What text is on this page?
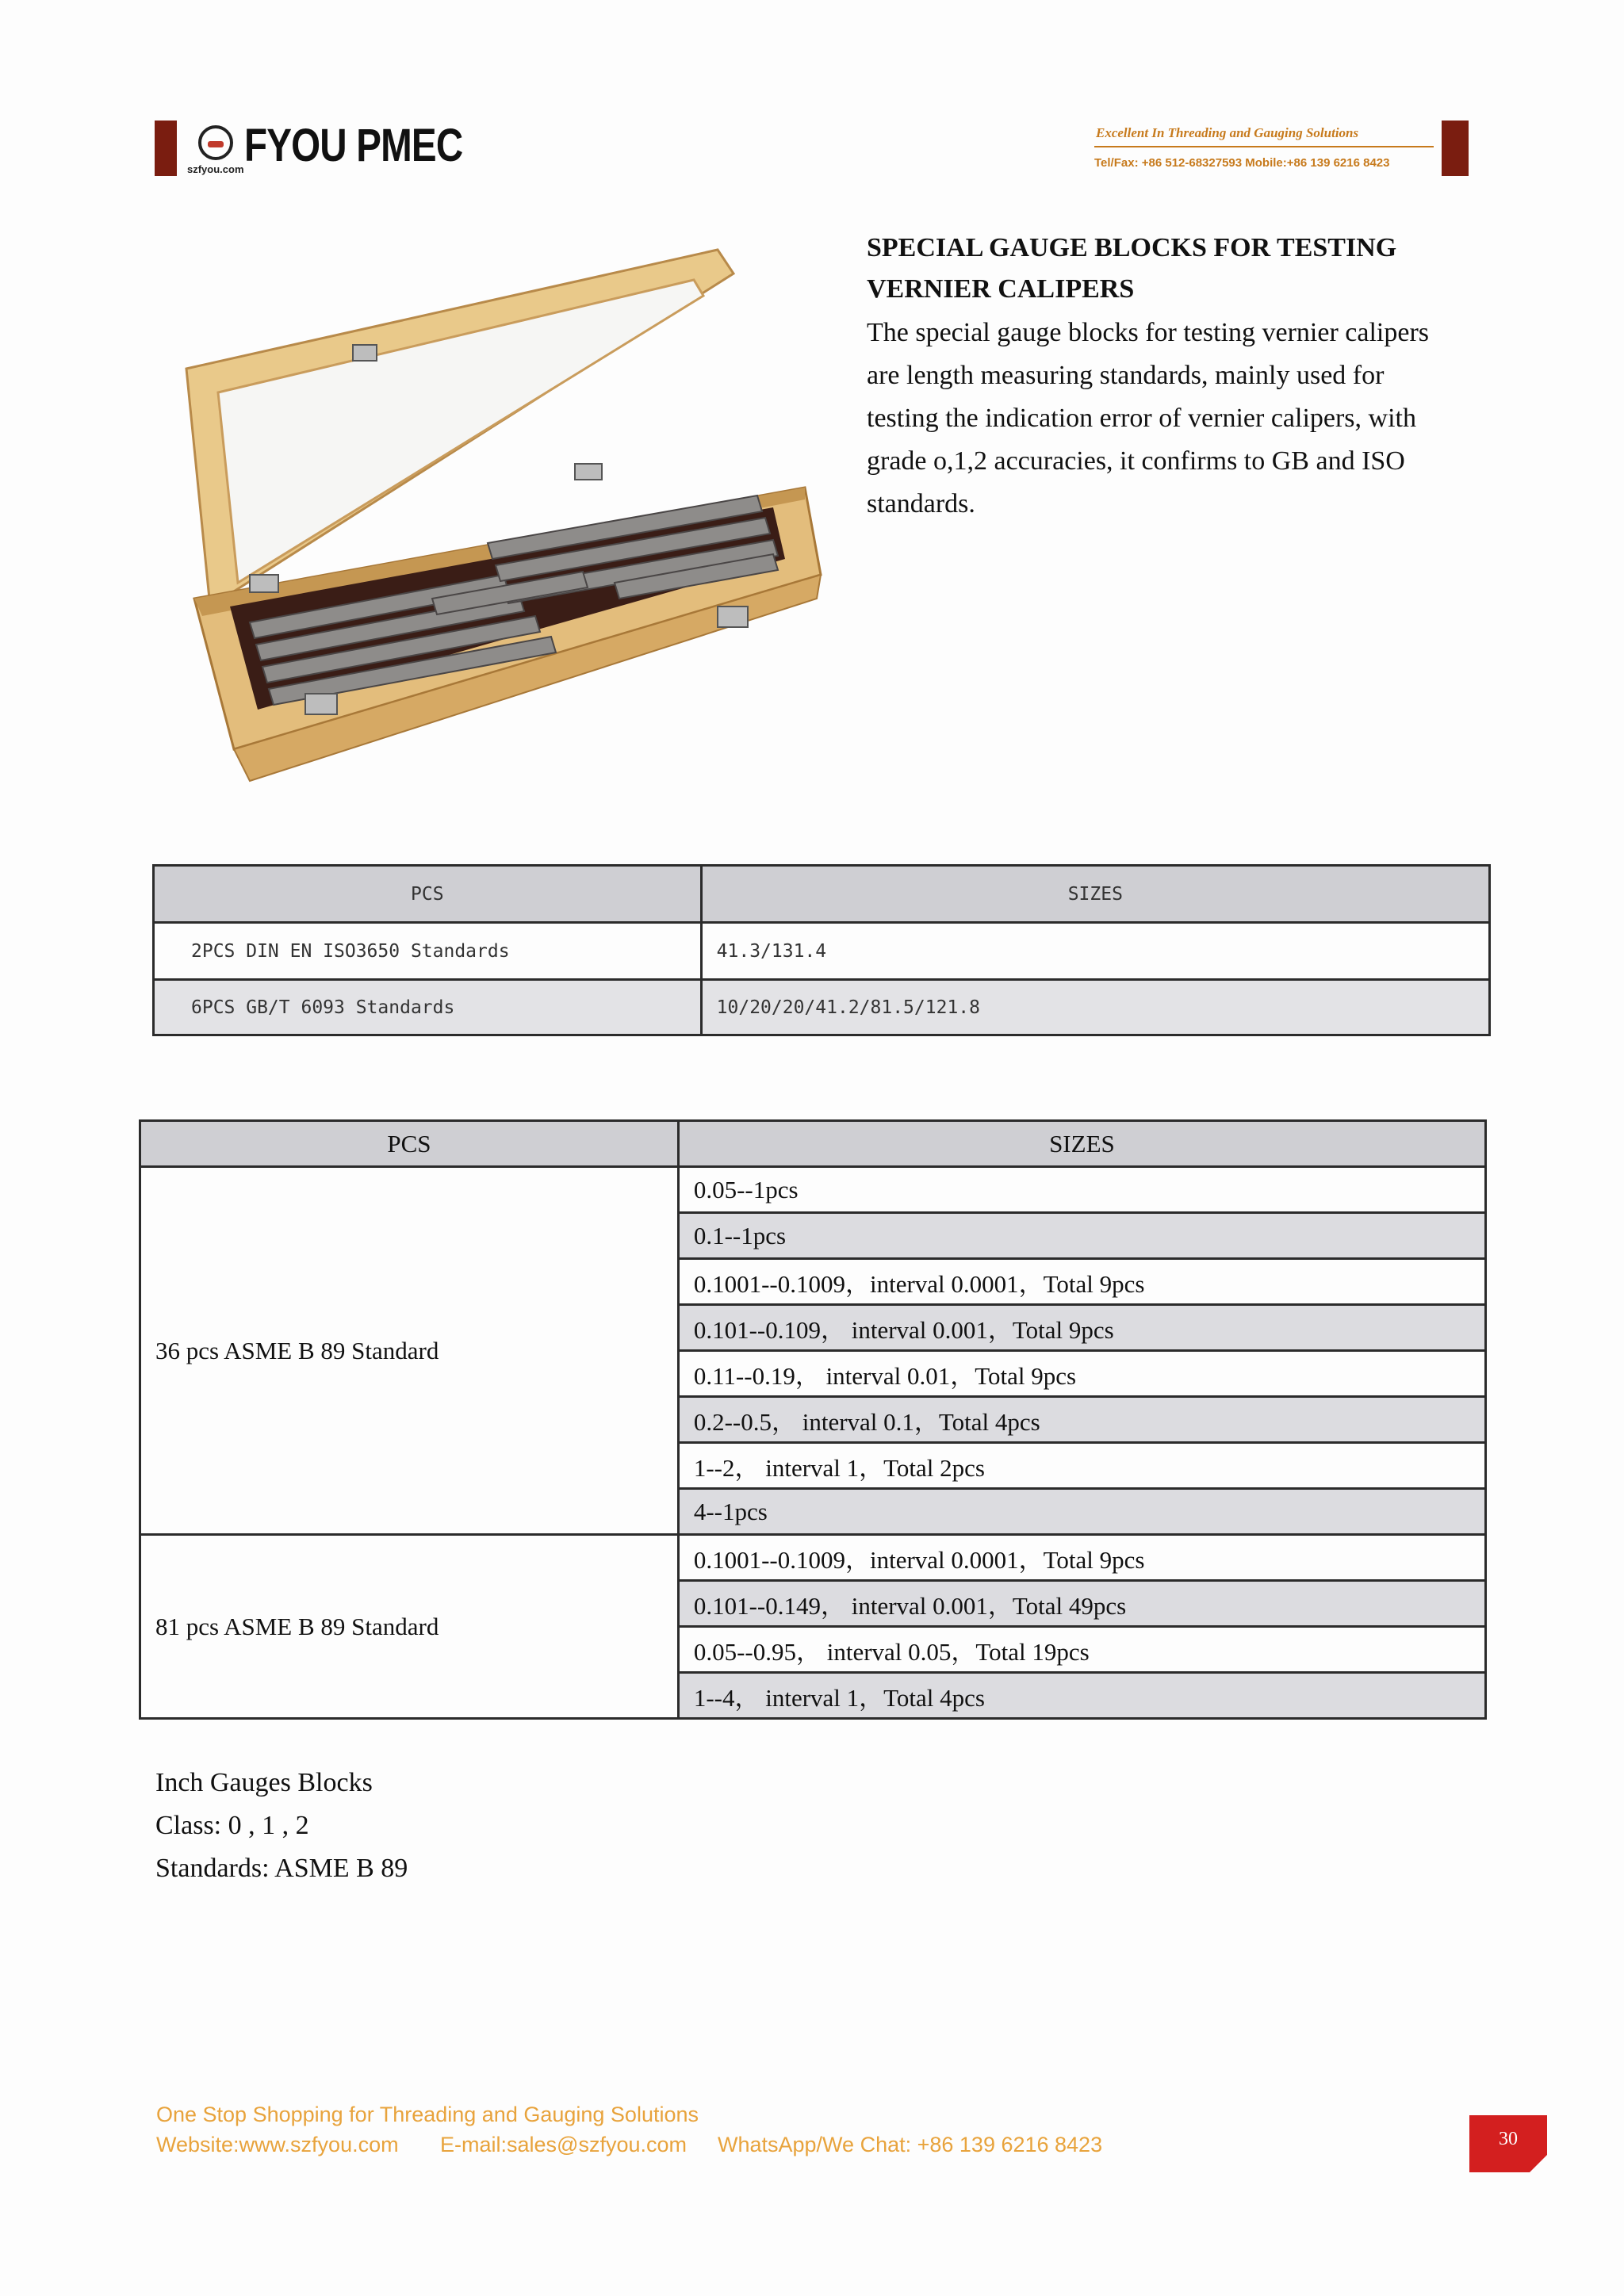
szfyou.com FYOU PMEC	Excellent In Threading and Gauging Solutions
Tel/Fax: +86 512-68327593 Mobile:+86 139 6216 8423
SPECIAL GAUGE BLOCKS FOR TESTING
VERNIER CALIPERS
The special gauge blocks for testing vernier calipers
are length measuring standards, mainly used for
testing the indication error of vernier calipers, with
grade o,1,2 accuracies, it confirms to GB and ISO
standards.
PCS	SIZES
2PCS DIN EN ISO3650 Standards	41.3/131.4
6PCS GB/T 6093 Standards	10/20/20/41.2/81.5/121.8
PCS	SIZES
36 pcs ASME B 89 Standard	0.05--1pcs
	0.1--1pcs
	0.1001--0.1009，interval 0.0001，Total 9pcs
	0.101--0.109， interval 0.001，Total 9pcs
	0.11--0.19， interval 0.01，Total 9pcs
	0.2--0.5， interval 0.1，Total 4pcs
	1--2， interval 1，Total 2pcs
	4--1pcs
81 pcs ASME B 89 Standard	0.1001--0.1009，interval 0.0001，Total 9pcs
	0.101--0.149， interval 0.001，Total 49pcs
	0.05--0.95， interval 0.05，Total 19pcs
	1--4， interval 1，Total 4pcs
Inch Gauges Blocks
Class: 0 , 1 , 2
Standards: ASME B 89
One Stop Shopping for Threading and Gauging Solutions
Website:www.szfyou.com E-mail:sales@szfyou.com WhatsApp/We Chat: +86 139 6216 8423	30
